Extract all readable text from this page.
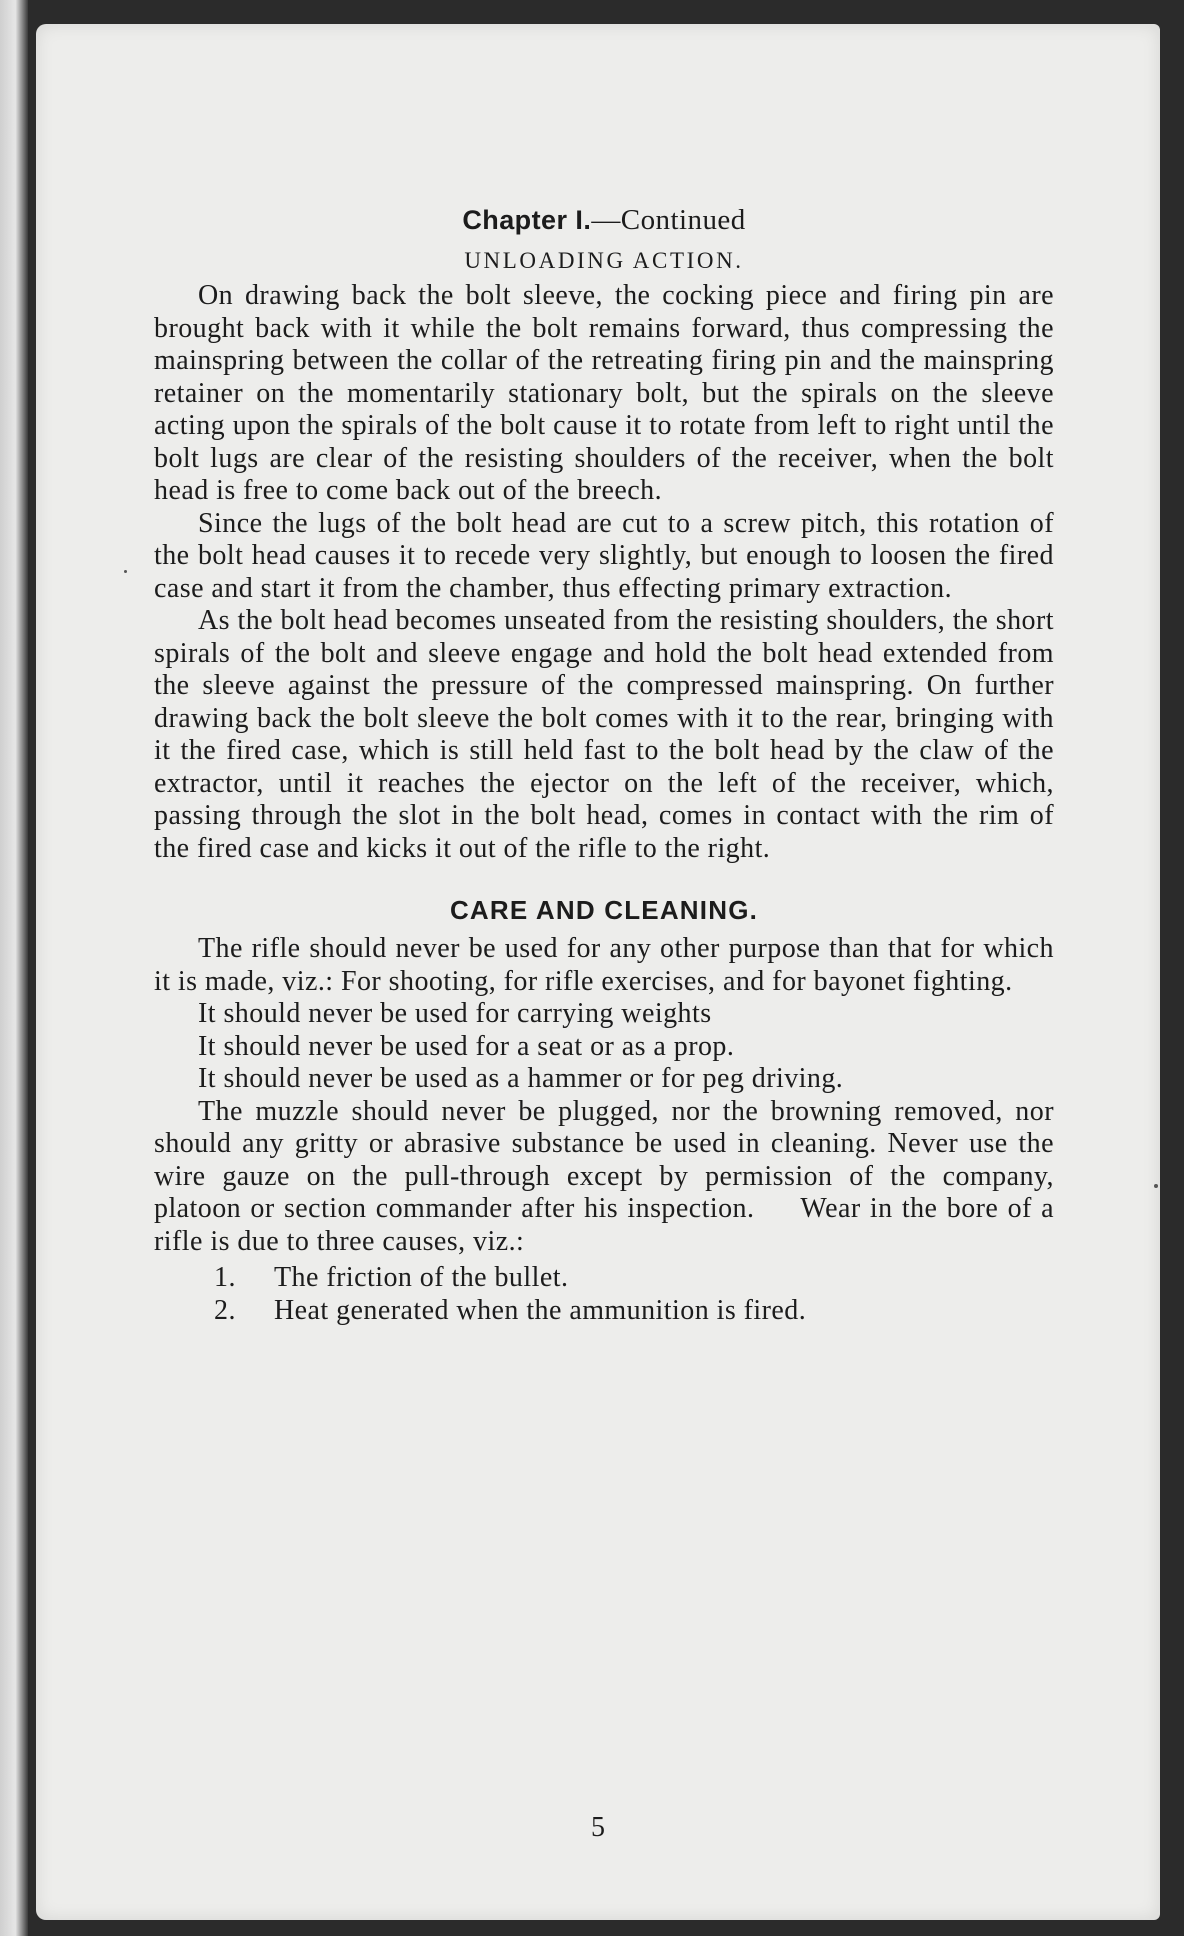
Chapter I.—Continued
UNLOADING ACTION.

On drawing back the bolt sleeve, the cocking piece and firing pin are brought back with it while the bolt remains forward, thus compressing the mainspring between the collar of the retreating firing pin and the mainspring retainer on the momentarily stationary bolt, but the spirals on the sleeve acting upon the spirals of the bolt cause it to rotate from left to right until the bolt lugs are clear of the resisting shoulders of the receiver, when the bolt head is free to come back out of the breech.

Since the lugs of the bolt head are cut to a screw pitch, this rotation of the bolt head causes it to recede very slightly, but enough to loosen the fired case and start it from the chamber, thus effecting primary extraction.

As the bolt head becomes unseated from the resisting shoulders, the short spirals of the bolt and sleeve engage and hold the bolt head extended from the sleeve against the pressure of the compressed mainspring. On further drawing back the bolt sleeve the bolt comes with it to the rear, bringing with it the fired case, which is still held fast to the bolt head by the claw of the extractor, until it reaches the ejector on the left of the receiver, which, passing through the slot in the bolt head, comes in contact with the rim of the fired case and kicks it out of the rifle to the right.

CARE AND CLEANING.

The rifle should never be used for any other purpose than that for which it is made, viz.: For shooting, for rifle exercises, and for bayonet fighting.

It should never be used for carrying weights

It should never be used for a seat or as a prop.

It should never be used as a hammer or for peg driving.

The muzzle should never be plugged, nor the browning removed, nor should any gritty or abrasive substance be used in cleaning. Never use the wire gauze on the pull-through except by permission of the company, platoon or section commander after his inspection.     Wear in the bore of a rifle is due to three causes, viz.:

1. The friction of the bullet.
2. Heat generated when the ammunition is fired.
5
